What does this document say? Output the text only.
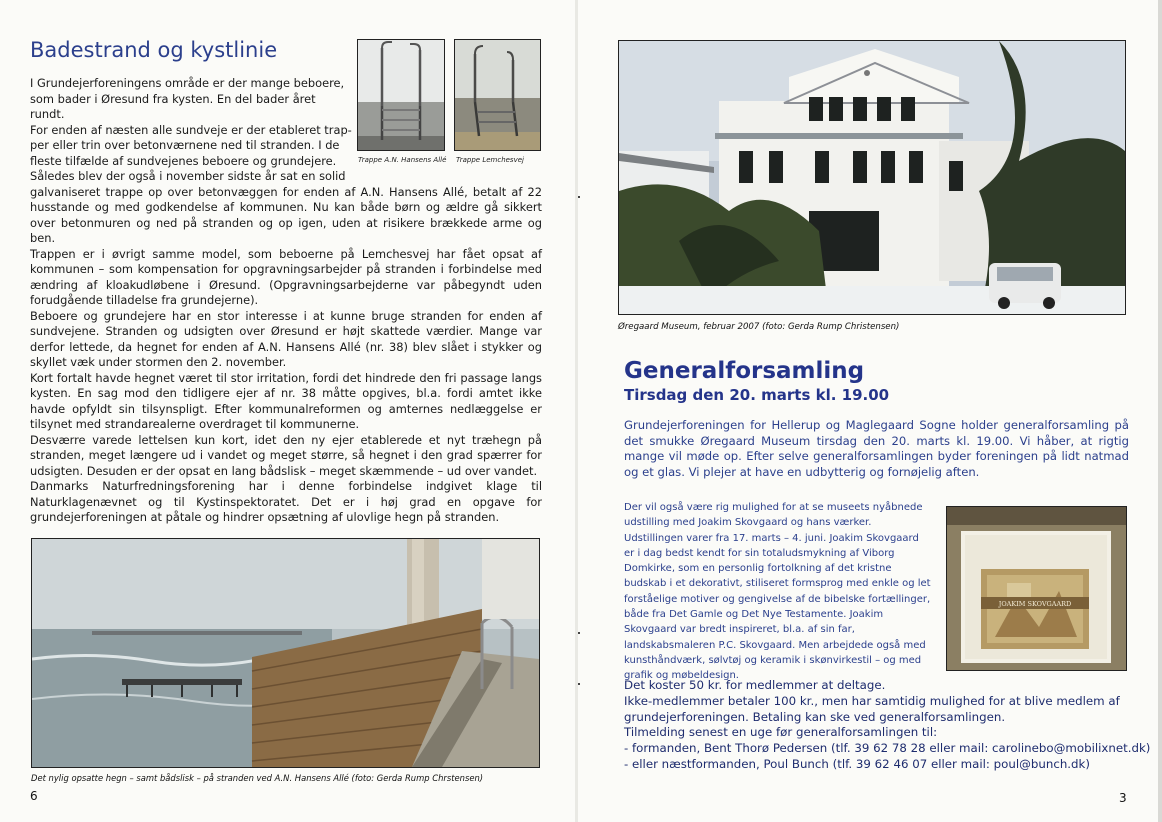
Badestrand og kystlinie
Trappe A.N. Hansens Allé Trappe Lemchesvej
I Grundejerforeningens område er der mange beboere,
som bader i Øresund fra kysten. En del bader året rundt.
For enden af næsten alle sundveje er der etableret trap-
per eller trin over betonværnene ned til stranden. I de
fleste tilfælde af sundvejenes beboere og grundejere.
Således blev der også i november sidste år sat en solid
galvaniseret trappe op over betonvæggen for enden af A.N. Hansens Allé, betalt af 22 husstande og med godkendelse af kommunen. Nu kan både børn og ældre gå sikkert over betonmuren og ned på stranden og op igen, uden at risikere brækkede arme og ben.
Trappen er i øvrigt samme model, som beboerne på Lemchesvej har fået opsat af kommunen – som kompensation for opgravningsarbejder på stranden i forbindelse med ændring af kloakudløbene i Øresund. (Opgravningsarbejderne var påbegyndt uden forudgående tilladelse fra grundejerne).
Beboere og grundejere har en stor interesse i at kunne bruge stranden for enden af sundvejene. Stranden og udsigten over Øresund er højt skattede værdier. Mange var derfor lettede, da hegnet for enden af A.N. Hansens Allé (nr. 38) blev slået i stykker og skyllet væk under stormen den 2. november.
Kort fortalt havde hegnet været til stor irritation, fordi det hindrede den fri passage langs kysten. En sag mod den tidligere ejer af nr. 38 måtte opgives, bl.a. fordi amtet ikke havde opfyldt sin tilsynspligt. Efter kommunalreformen og amternes nedlæggelse er tilsynet med strandarealerne overdraget til kommunerne.
Desværre varede lettelsen kun kort, idet den ny ejer etablerede et nyt træhegn på stranden, meget længere ud i vandet og meget større, så hegnet i den grad spærrer for udsigten. Desuden er der opsat en lang bådslisk – meget skæmmende – ud over vandet.
Danmarks Naturfredningsforening har i denne forbindelse indgivet klage til Naturklagenævnet og til Kystinspektoratet. Det er i høj grad en opgave for grundejerforeningen at påtale og hindrer opsætning af ulovlige hegn på stranden.
Det nylig opsatte hegn – samt bådslisk – på stranden ved A.N. Hansens Allé (foto: Gerda Rump Chrstensen)
6
Øregaard Museum, februar 2007 (foto: Gerda Rump Christensen)
Generalforsamling
Tirsdag den 20. marts kl. 19.00
Grundejerforeningen for Hellerup og Maglegaard Sogne holder generalforsamling på det smukke Øregaard Museum tirsdag den 20. marts kl. 19.00. Vi håber, at rigtig mange vil møde op. Efter selve generalforsamlingen byder foreningen på lidt natmad og et glas. Vi plejer at have en udbytterig og fornøjelig aften.
Der vil også være rig mulighed for at se museets nyåbnede udstilling med Joakim Skovgaard og hans værker. Udstillingen varer fra 17. marts – 4. juni. Joakim Skovgaard er i dag bedst kendt for sin totaludsmykning af Viborg Domkirke, som en personlig fortolkning af det kristne budskab i et dekorativt, stiliseret formsprog med enkle og let forståelige motiver og gengivelse af de bibelske fortællinger, både fra Det Gamle og Det Nye Testamente. Joakim Skovgaard var bredt inspireret, bl.a. af sin far, landskabsmaleren P.C. Skovgaard. Men arbejdede også med kunsthåndværk, sølvtøj og keramik i skønvirkestil – og med grafik og møbeldesign.
JOAKIM SKOVGAARD
Det koster 50 kr. for medlemmer at deltage.
Ikke-medlemmer betaler 100 kr., men har samtidig mulighed for at blive medlem af
grundejerforeningen. Betaling kan ske ved generalforsamlingen.
Tilmelding senest en uge før generalforsamlingen til:
- formanden, Bent Thorø Pedersen (tlf. 39 62 78 28 eller mail: carolinebo@mobilixnet.dk)
- eller næstformanden, Poul Bunch (tlf. 39 62 46 07 eller mail: poul@bunch.dk)
3
